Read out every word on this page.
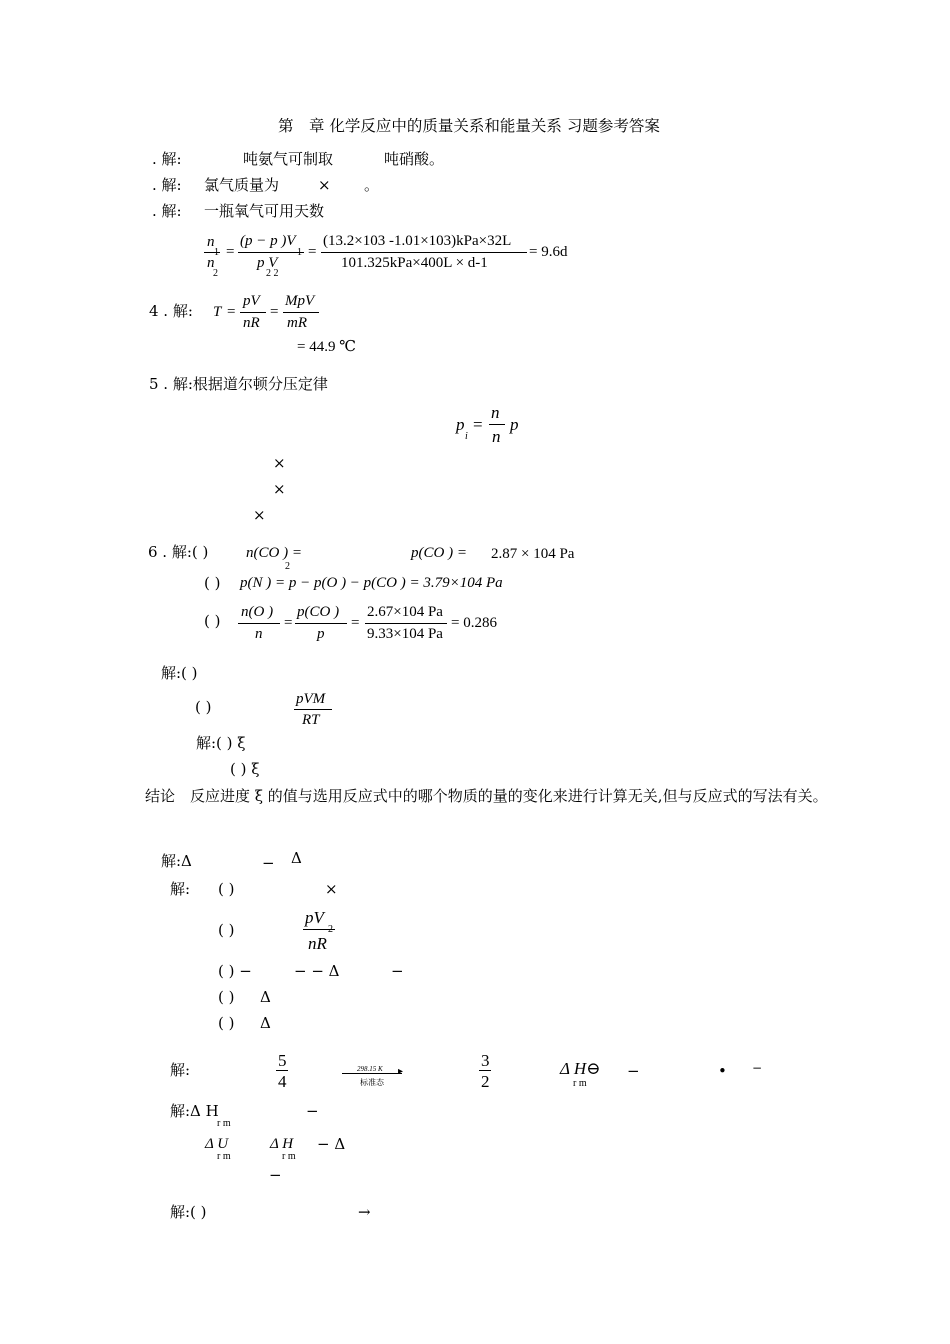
第　章 化学反应中的质量关系和能量关系 习题参考答案
. 解:	吨氨气可制取	吨硝酸。
. 解: 氯气质量为	× 。
. 解: 一瓶氧气可用天数
n
n
2
=
(p − p )V
p V
2 2
=
(13.2×103 -1.01×103)kPa×32L
101.325kPa×400L × d-1
= 9.6d
4 . 解: T =
pV
nR
=
MpV
mR
= 44.9 ℃
5 . 解:根据道尔顿分压定律
p
i
=
n
n
p
×
×
×
6 . 解:( )	n(CO ) =
2
p(CO ) = 2.87 × 104 Pa
( ) p(N ) = p − p(O ) − p(CO ) = 3.79×104 Pa
( ) n(O )
n
=
p(CO )
p
=
2.67×104 Pa
9.33×104 Pa
= 0.286
解:( )
( )	pVM
RT
解:( ) ξ
( ) ξ
结论　反应进度 ξ 的值与选用反应式中的哪个物质的量的变化来进行计算无关,但与反应式的写法有关。
解:Δ	− Δ
解: ( )	×
( )
pV
nR
( ) −	− − Δ	−
( ) Δ
( ) Δ
解:	5
4
298.15 K ▸
标准态
3
2
Δ H⊖
r m
−	• −
解:Δ H
r m
−
Δ U
r m
Δ H
r m
− Δ
−
解:( )	→
